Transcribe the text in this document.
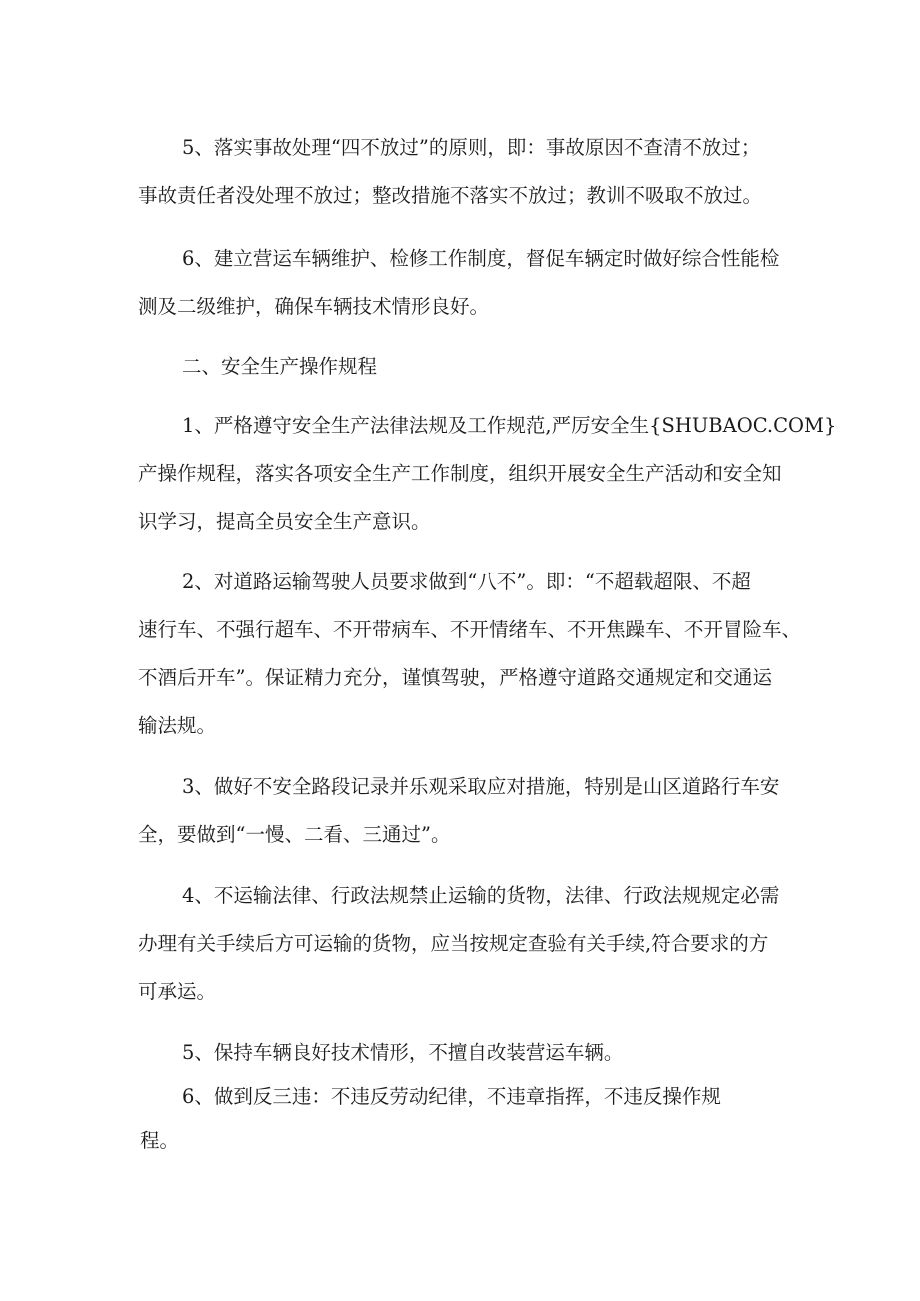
5、落实事故处理“四不放过”的原则，即：事故原因不查清不放过；
事故责任者没处理不放过；整改措施不落实不放过；教训不吸取不放过。
6、建立营运车辆维护、检修工作制度，督促车辆定时做好综合性能检
测及二级维护，确保车辆技术情形良好。
二、安全生产操作规程
1、严格遵守安全生产法律法规及工作规范,严厉安全生{SHUBAOC.COM}
产操作规程，落实各项安全生产工作制度，组织开展安全生产活动和安全知
识学习，提高全员安全生产意识。
2、对道路运输驾驶人员要求做到“八不”。即：“不超载超限、不超
速行车、不强行超车、不开带病车、不开情绪车、不开焦躁车、不开冒险车、
不酒后开车”。保证精力充分，谨慎驾驶，严格遵守道路交通规定和交通运
输法规。
3、做好不安全路段记录并乐观采取应对措施，特别是山区道路行车安
全，要做到“一慢、二看、三通过”。
4、不运输法律、行政法规禁止运输的货物，法律、行政法规规定必需
办理有关手续后方可运输的货物，应当按规定查验有关手续,符合要求的方
可承运。
5、保持车辆良好技术情形，不擅自改装营运车辆。
6、做到反三违：不违反劳动纪律，不违章指挥，不违反操作规
程。
